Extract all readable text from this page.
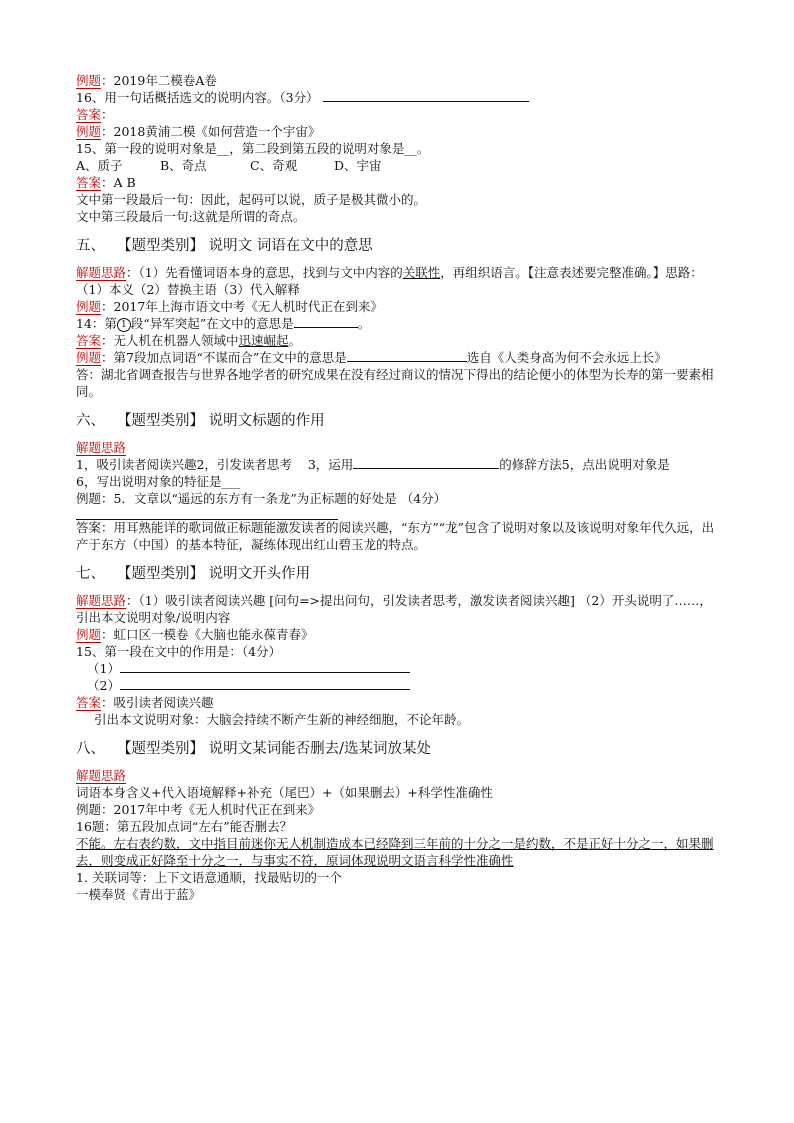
例题：2019年二模卷A卷
16、用一句话概括选文的说明内容。（3分）
答案：
例题：2018黄浦二模《如何营造一个宇宙》
15、第一段的说明对象是__，第二段到第五段的说明对象是__。
A、质子	B、奇点	C、奇观	D、宇宙
答案：A B
文中第一段最后一句：因此，起码可以说，质子是极其微小的。
文中第三段最后一句:这就是所谓的奇点。
五、 【题型类别】 说明文 词语在文中的意思
解题思路：（1）先看懂词语本身的意思，找到与文中内容的关联性，再组织语言。【注意表述要完整准确。】思路：（1）本义（2）替换主语（3）代入解释
例题：2017年上海市语文中考《无人机时代正在到来》
14：第 1 段“异军突起”在文中的意思是	。
答案：无人机在机器人领域中迅速崛起。
例题：第7段加点词语“不谋而合”在文中的意思是	选自《人类身高为何不会永远上长》
答：湖北省调查报告与世界各地学者的研究成果在没有经过商议的情况下得出的结论便小的体型为长寿的第一要素相同。
六、 【题型类别】 说明文标题的作用
解题思路
1，吸引读者阅读兴趣2，引发读者思考 3，运用	的修辞方法5，点出说明对象是
6，写出说明对象的特征是___
例题：5．文章以“遥远的东方有一条龙”为正标题的好处是 （4分）
答案：用耳熟能详的歌词做正标题能激发读者的阅读兴趣，“东方”“龙”包含了说明对象以及该说明对象年代久远，出产于东方（中国）的基本特征，凝练体现出红山碧玉龙的特点。
七、 【题型类别】 说明文开头作用
解题思路：（1）吸引读者阅读兴趣 [问句=>提出问句，引发读者思考，激发读者阅读兴趣] （2）开头说明了……，引出本文说明对象/说明内容
例题：虹口区一模卷《大脑也能永葆青春》
15、第一段在文中的作用是：（4分）
（1）
（2）
答案：吸引读者阅读兴趣
引出本文说明对象：大脑会持续不断产生新的神经细胞，不论年龄。
八、 【题型类别】 说明文某词能否删去/选某词放某处
解题思路
词语本身含义+代入语境解释+补充（尾巴）+（如果删去）+科学性准确性
例题：2017年中考《无人机时代正在到来》
16题：第五段加点词“左右”能否删去？
不能。左右表约数，文中指目前迷你无人机制造成本已经降到三年前的十分之一是约数，不是正好十分之一，如果删去，则变成正好降至十分之一，与事实不符，原词体现说明文语言科学性准确性
1. 关联词等：上下文语意通顺，找最贴切的一个
一模奉贤《青出于蓝》
